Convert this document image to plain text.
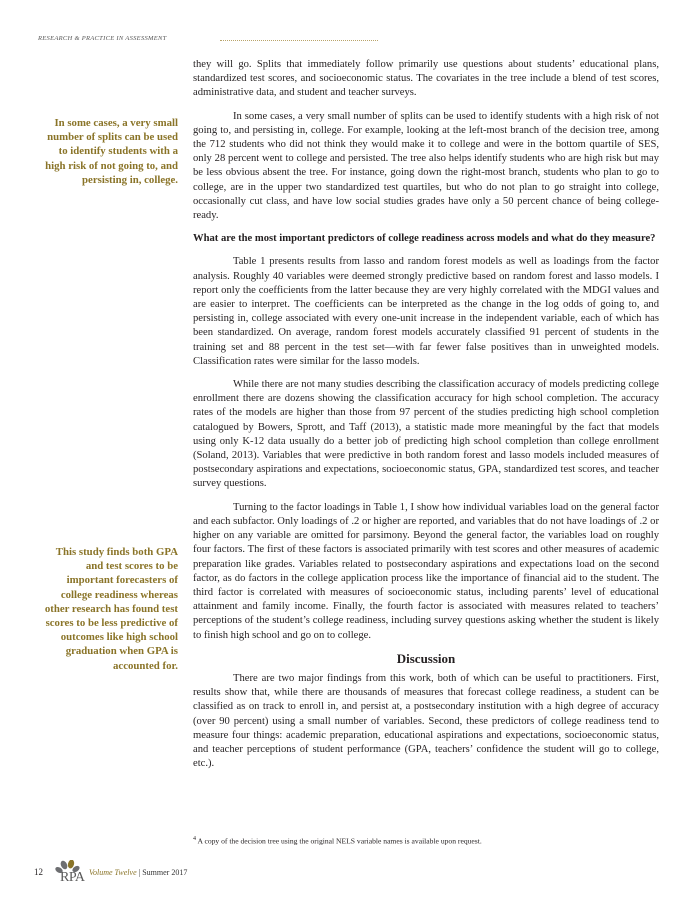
RESEARCH & PRACTICE IN ASSESSMENT
In some cases, a very small number of splits can be used to identify students with a high risk of not going to, and persisting in, college.
This study finds both GPA and test scores to be important forecasters of college readiness whereas other research has found test scores to be less predictive of outcomes like high school graduation when GPA is accounted for.

they will go. Splits that immediately follow primarily use questions about students’ educational plans, standardized test scores, and socioeconomic status. The covariates in the tree include a blend of test scores, administrative data, and student and teacher surveys.

In some cases, a very small number of splits can be used to identify students with a high risk of not going to, and persisting in, college. For example, looking at the left-most branch of the decision tree, among the 712 students who did not think they would make it to college and were in the bottom quartile of SES, only 28 percent went to college and persisted. The tree also helps identify students who are high risk but may be less obvious absent the tree. For instance, going down the right-most branch, students who plan to go to college, are in the upper two standardized test quartiles, but who do not plan to go straight into college, occasionally cut class, and have low social studies grades have only a 50 percent chance of being college-ready.

What are the most important predictors of college readiness across models and what do they measure?

Table 1 presents results from lasso and random forest models as well as loadings from the factor analysis. Roughly 40 variables were deemed strongly predictive based on random forest and lasso models. I report only the coefficients from the latter because they are very highly correlated with the MDGI values and are easier to interpret. The coefficients can be interpreted as the change in the log odds of going to, and persisting in, college associated with every one-unit increase in the independent variable, each of which has been standardized. On average, random forest models accurately classified 91 percent of students in the training set and 88 percent in the test set—with far fewer false positives than in unweighted models. Classification rates were similar for the lasso models.

While there are not many studies describing the classification accuracy of models predicting college enrollment there are dozens showing the classification accuracy for high school completion. The accuracy rates of the models are higher than those from 97 percent of the studies predicting high school completion catalogued by Bowers, Sprott, and Taff (2013), a statistic made more meaningful by the fact that models using only K-12 data usually do a better job of predicting high school completion than college enrollment (Soland, 2013). Variables that were predictive in both random forest and lasso models included measures of postsecondary aspirations and expectations, socioeconomic status, GPA, standardized test scores, and teacher survey questions.

Turning to the factor loadings in Table 1, I show how individual variables load on the general factor and each subfactor. Only loadings of .2 or higher are reported, and variables that do not have loadings of .2 or higher on any variable are omitted for parsimony. Beyond the general factor, the variables load on roughly four factors. The first of these factors is associated primarily with test scores and other measures of academic preparation like grades. Variables related to postsecondary aspirations and expectations load on the second factor, as do factors in the college application process like the importance of financial aid to the student. The third factor is correlated with measures of socioeconomic status, including parents’ level of educational attainment and family income. Finally, the fourth factor is associated with measures related to teachers’ perceptions of the student’s college readiness, including survey questions asking whether the student is likely to finish high school and go on to college.

Discussion

There are two major findings from this work, both of which can be useful to practitioners. First, results show that, while there are thousands of measures that forecast college readiness, a student can be classified as on track to enroll in, and persist at, a postsecondary institution with a high degree of accuracy (over 90 percent) using a small number of variables. Second, these predictors of college readiness tend to measure four things: academic preparation, educational aspirations and expectations, socioeconomic status, and teacher perceptions of student performance (GPA, teachers’ confidence the student will go to college, etc.).

$^4$ A copy of the decision tree using the original NELS variable names is available upon request.
12 RPA Volume Twelve | Summer 2017
